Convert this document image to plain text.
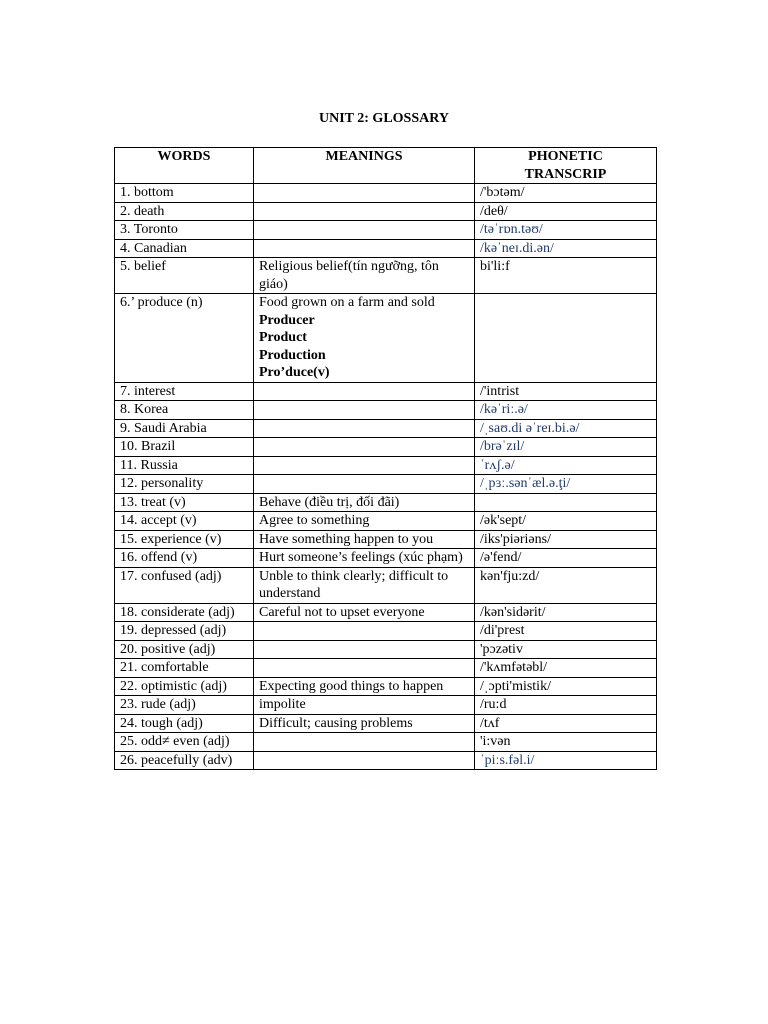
UNIT 2: GLOSSARY
WORDS	MEANINGS	PHONETIC
TRANSCRIP

1. bottom		/'bɔtəm/
2. death		/deθ/
3. Toronto		/təˈrɒn.təʊ/
4. Canadian		/kəˈneɪ.di.ən/
5. belief	Religious belief(tín ngưỡng, tôn giáo)	bi'li:f
6.’ produce (n)	Food grown on a farm and sold
Producer
Product
Production
Pro’duce(v)	

7. interest		/'intrist
8. Korea		/kəˈriː.ə/
9. Saudi Arabia		/ˌsaʊ.di əˈreɪ.bi.ə/
10. Brazil		/brəˈzɪl/
11. Russia		ˈrʌʃ.ə/
12. personality		/ˌpɜː.sənˈæl.ə.ţi/
13. treat (v)	Behave (điều trị, đối đãi)	
14. accept (v)	Agree to something	/ək'sept/
15. experience (v)	Have something happen to you	/iks'piəriəns/
16. offend (v)	Hurt someone’s feelings (xúc phạm)	/ə'fend/
17. confused (adj)	Unble to think clearly; difficult to understand	kən'fju:zd/
18. considerate (adj)	Careful not to upset everyone	/kən'sidərit/
19. depressed (adj)		/di'prest
20. positive (adj)		'pɔzətiv
21. comfortable		/'kʌmfətəbl/
22. optimistic (adj)	Expecting good things to happen	/ˌɔpti'mistik/
23. rude (adj)	impolite	/ru:d
24. tough (adj)	Difficult; causing problems	/tʌf
25. odd≠ even (adj)		'i:vən
26. peacefully (adv)		ˈpiːs.fəl.i/
